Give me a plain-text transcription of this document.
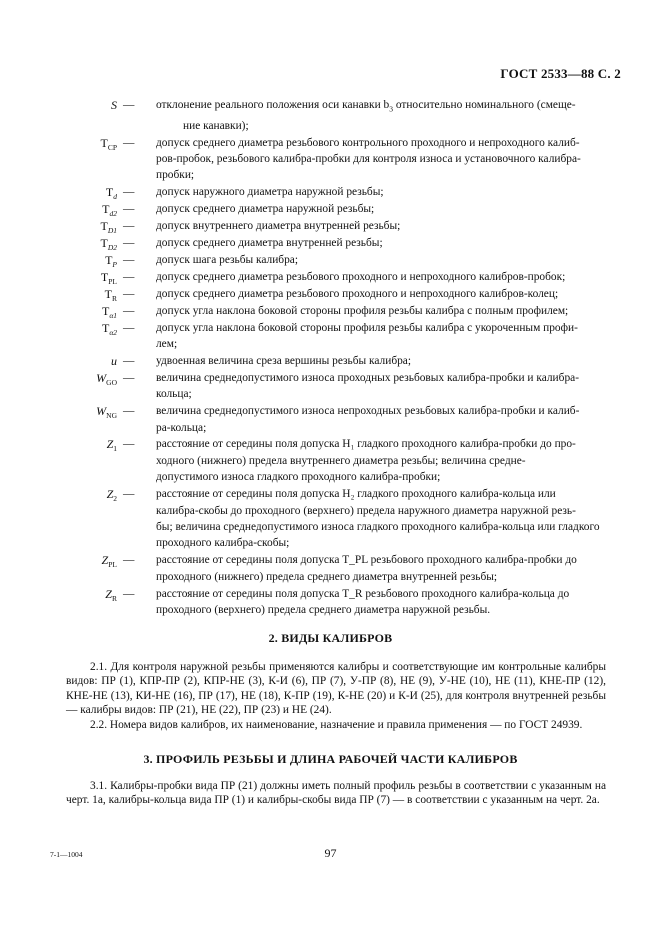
ГОСТ 2533—88 С. 2
S — отклонение реального положения оси канавки $b_3$ относительно номинального (смеще-
ние канавки);
$T_{CP}$ — допуск среднего диаметра резьбового контрольного проходного и непроходного калиб-
ров-пробок, резьбового калибра-пробки для контроля износа и установочного калибра-
пробки;
$T_d$ — допуск наружного диаметра наружной резьбы;
$T_{d2}$ — допуск среднего диаметра наружной резьбы;
$T_{D1}$ — допуск внутреннего диаметра внутренней резьбы;
$T_{D2}$ — допуск среднего диаметра внутренней резьбы;
$T_P$ — допуск шага резьбы калибра;
$T_{PL}$ — допуск среднего диаметра резьбового проходного и непроходного калибров-пробок;
$T_R$ — допуск среднего диаметра резьбового проходного и непроходного калибров-колец;
$T_{\alpha 1}$ — допуск угла наклона боковой стороны профиля резьбы калибра с полным профилем;
$T_{\alpha 2}$ — допуск угла наклона боковой стороны профиля резьбы калибра с укороченным профи-
лем;
u — удвоенная величина среза вершины резьбы калибра;
$W_{GO}$ — величина среднедопустимого износа проходных резьбовых калибра-пробки и калибра-
кольца;
$W_{NG}$ — величина среднедопустимого износа непроходных резьбовых калибра-пробки и калиб-
ра-кольца;
$Z_1$ — расстояние от середины поля допуска H₁ гладкого проходного калибра-пробки до про-
ходного (нижнего) предела внутреннего диаметра резьбы; величина средне-
допустимого износа гладкого проходного калибра-пробки;
$Z_2$ — расстояние от середины поля допуска H₂ гладкого проходного калибра-кольца или
калибра-скобы до проходного (верхнего) предела наружного диаметра наружной резь-
бы; величина среднедопустимого износа гладкого проходного калибра-кольца или гладкого
проходного калибра-скобы;
$Z_{PL}$ — расстояние от середины поля допуска T_PL резьбового проходного калибра-пробки до
проходного (нижнего) предела среднего диаметра внутренней резьбы;
$Z_R$ — расстояние от середины поля допуска T_R резьбового проходного калибра-кольца до
проходного (верхнего) предела среднего диаметра наружной резьбы.
2. ВИДЫ КАЛИБРОВ
2.1. Для контроля наружной резьбы применяются калибры и соответствующие им контрольные калибры видов: ПР (1), КПР-ПР (2), КПР-НЕ (3), К-И (6), ПР (7), У-ПР (8), НЕ (9), У-НЕ (10), НЕ (11), КНЕ-ПР (12), КНЕ-НЕ (13), КИ-НЕ (16), ПР (17), НЕ (18), К-ПР (19), К-НЕ (20) и К-И (25), для контроля внутренней резьбы — калибры видов: ПР (21), НЕ (22), ПР (23) и НЕ (24).
2.2. Номера видов калибров, их наименование, назначение и правила применения — по ГОСТ 24939.
3. ПРОФИЛЬ РЕЗЬБЫ И ДЛИНА РАБОЧЕЙ ЧАСТИ КАЛИБРОВ
3.1. Калибры-пробки вида ПР (21) должны иметь полный профиль резьбы в соответствии с указанным на черт. 1а, калибры-кольца вида ПР (1) и калибры-скобы вида ПР (7) — в соответствии с указанным на черт. 2а.
7-1—1004	97
